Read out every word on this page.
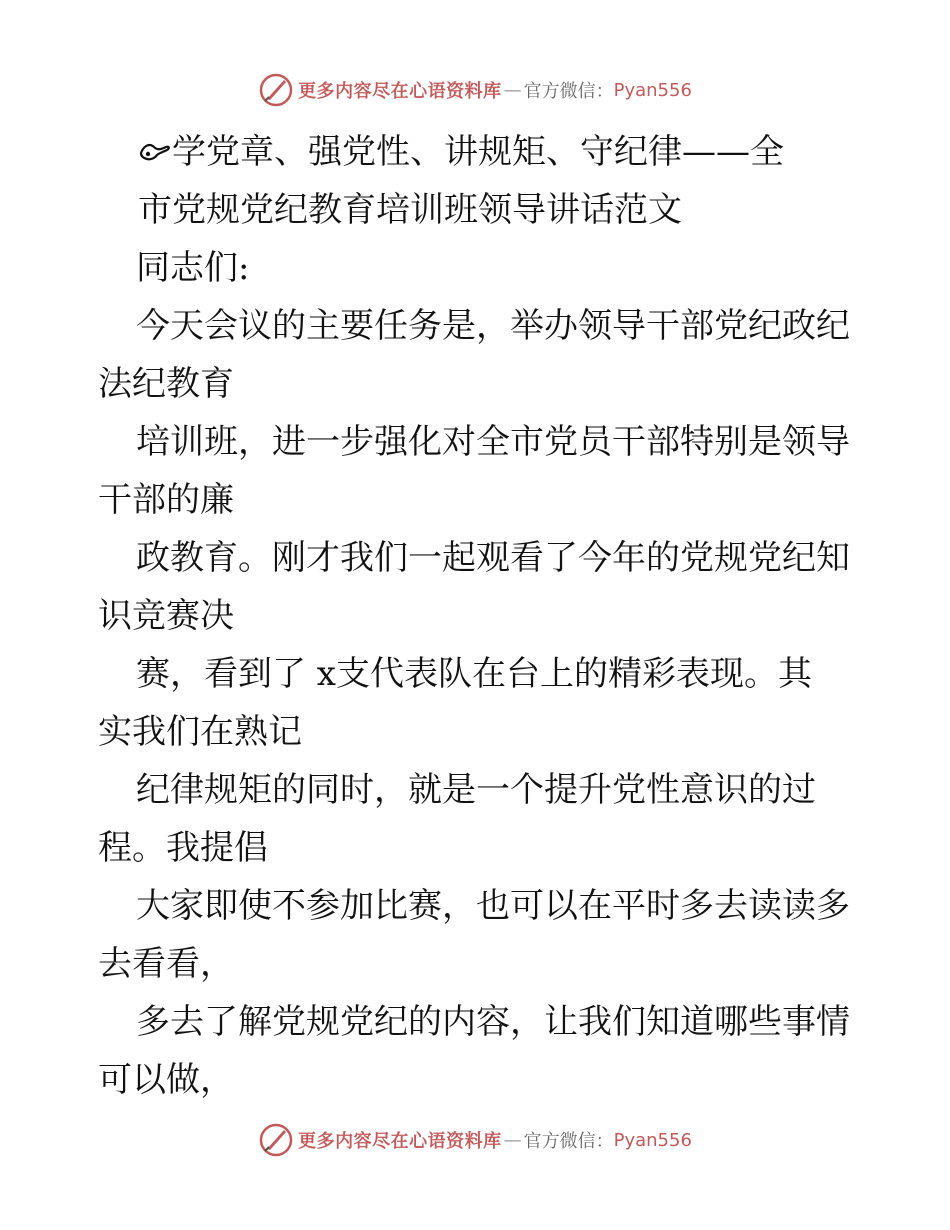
更多内容尽在心语资料库 — 官方微信： Pyan556
学党章、强党性、讲规矩、守纪律——全
市党规党纪教育培训班领导讲话范文
同志们:
今天会议的主要任务是，举办领导干部党纪政纪
法纪教育
培训班，进一步强化对全市党员干部特别是领导
干部的廉
政教育。刚才我们一起观看了今年的党规党纪知
识竞赛决
赛，看到了 x支代表队在台上的精彩表现。其
实我们在熟记
纪律规矩的同时，就是一个提升党性意识的过
程。我提倡
大家即使不参加比赛，也可以在平时多去读读多
去看看，
多去了解党规党纪的内容，让我们知道哪些事情
可以做，
更多内容尽在心语资料库 — 官方微信： Pyan556
